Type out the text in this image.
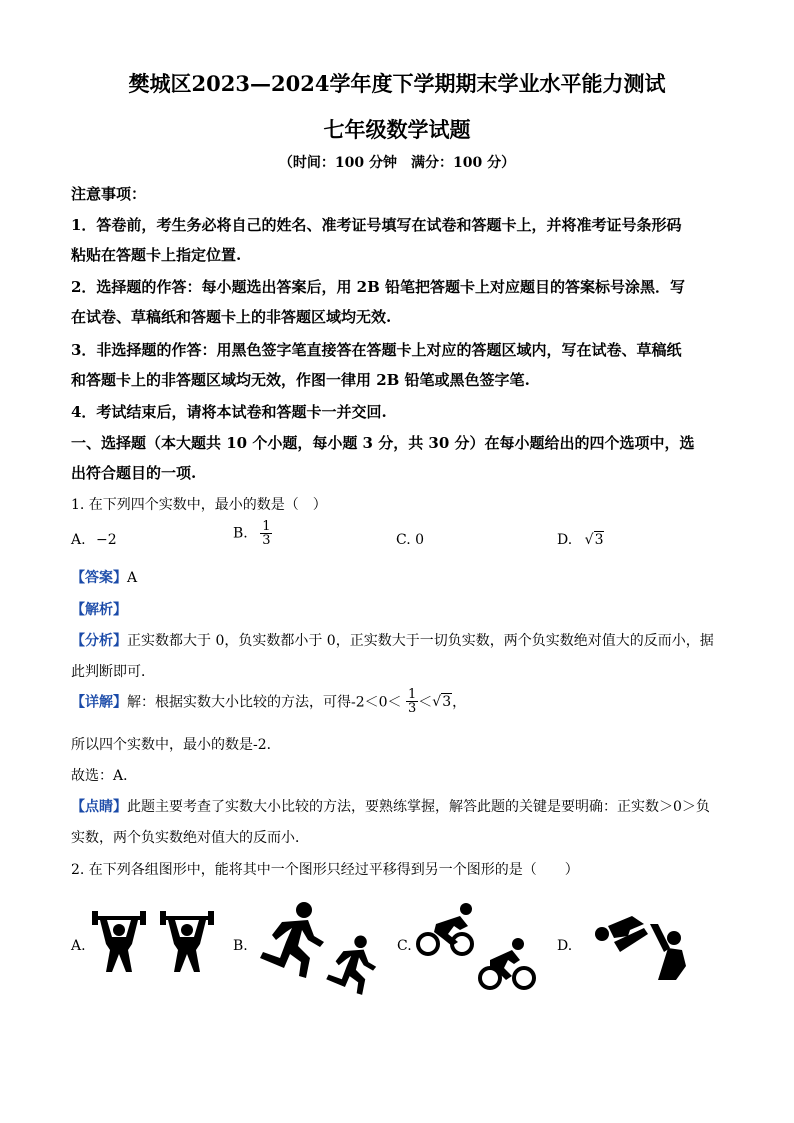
樊城区2023—2024学年度下学期期末学业水平能力测试
七年级数学试题
（时间：100 分钟　满分：100 分）
注意事项：
1．答卷前，考生务必将自己的姓名、准考证号填写在试卷和答题卡上，并将准考证号条形码
粘贴在答题卡上指定位置.
2．选择题的作答：每小题选出答案后，用 2B 铅笔把答题卡上对应题目的答案标号涂黑．写
在试卷、草稿纸和答题卡上的非答题区域均无效.
3．非选择题的作答：用黑色签字笔直接答在答题卡上对应的答题区域内，写在试卷、草稿纸
和答题卡上的非答题区域均无效，作图一律用 2B 铅笔或黑色签字笔.
4．考试结束后，请将本试卷和答题卡一并交回.
一、选择题（本大题共 10 个小题，每小题 3 分，共 30 分）在每小题给出的四个选项中，选
出符合题目的一项.
1. 在下列四个实数中，最小的数是（　）
A. −2	B. $\frac{1}{3}$	C. 0	D. √3
【答案】A
【解析】
【分析】正实数都大于 0，负实数都小于 0，正实数大于一切负实数，两个负实数绝对值大的反而小，据
此判断即可．
【详解】解：根据实数大小比较的方法，可得$-2<0< \frac{1}{3} <√3$，
所以四个实数中，最小的数是-2．
故选：A．
【点睛】此题主要考查了实数大小比较的方法，要熟练掌握，解答此题的关键是要明确：正实数＞0＞负
实数，两个负实数绝对值大的反而小．
2. 在下列各组图形中，能将其中一个图形只经过平移得到另一个图形的是（　　）
A.	B.	C.	D.
